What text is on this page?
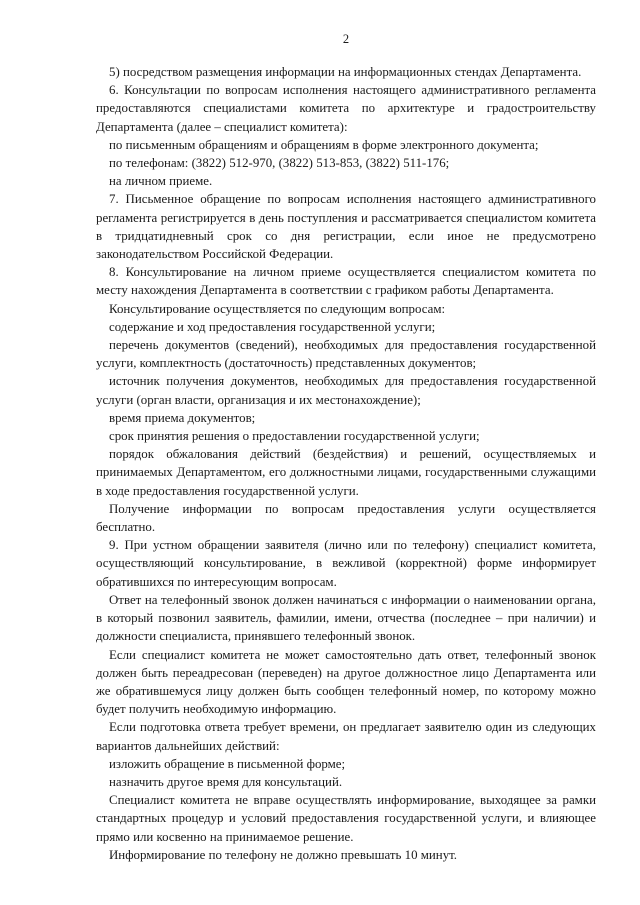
2

5) посредством размещения информации на информационных стендах Департамента.

6. Консультации по вопросам исполнения настоящего административного регламента предоставляются специалистами комитета по архитектуре и градостроительству Департамента (далее – специалист комитета):

по письменным обращениям и обращениям в форме электронного документа;

по телефонам: (3822) 512-970, (3822) 513-853, (3822) 511-176;

на личном приеме.

7. Письменное обращение по вопросам исполнения настоящего административного регламента регистрируется в день поступления и рассматривается специалистом комитета в тридцатидневный срок со дня регистрации, если иное не предусмотрено законодательством Российской Федерации.

8. Консультирование на личном приеме осуществляется специалистом комитета по месту нахождения Департамента в соответствии с графиком работы Департамента.

Консультирование осуществляется по следующим вопросам:

содержание и ход предоставления государственной услуги;

перечень документов (сведений), необходимых для предоставления государственной услуги, комплектность (достаточность) представленных документов;

источник получения документов, необходимых для предоставления государственной услуги (орган власти, организация и их местонахождение);

время приема документов;

срок принятия решения о предоставлении государственной услуги;

порядок обжалования действий (бездействия) и решений, осуществляемых и принимаемых Департаментом, его должностными лицами, государственными служащими в ходе предоставления государственной услуги.

Получение информации по вопросам предоставления услуги осуществляется бесплатно.

9. При устном обращении заявителя (лично или по телефону) специалист комитета, осуществляющий консультирование, в вежливой (корректной) форме информирует обратившихся по интересующим вопросам.

Ответ на телефонный звонок должен начинаться с информации о наименовании органа, в который позвонил заявитель, фамилии, имени, отчества (последнее – при наличии) и должности специалиста, принявшего телефонный звонок.

Если специалист комитета не может самостоятельно дать ответ, телефонный звонок должен быть переадресован (переведен) на другое должностное лицо Департамента или же обратившемуся лицу должен быть сообщен телефонный номер, по которому можно будет получить необходимую информацию.

Если подготовка ответа требует времени, он предлагает заявителю один из следующих вариантов дальнейших действий:

изложить обращение в письменной форме;

назначить другое время для консультаций.

Специалист комитета не вправе осуществлять информирование, выходящее за рамки стандартных процедур и условий предоставления государственной услуги, и влияющее прямо или косвенно на принимаемое решение.

Информирование по телефону не должно превышать 10 минут.
